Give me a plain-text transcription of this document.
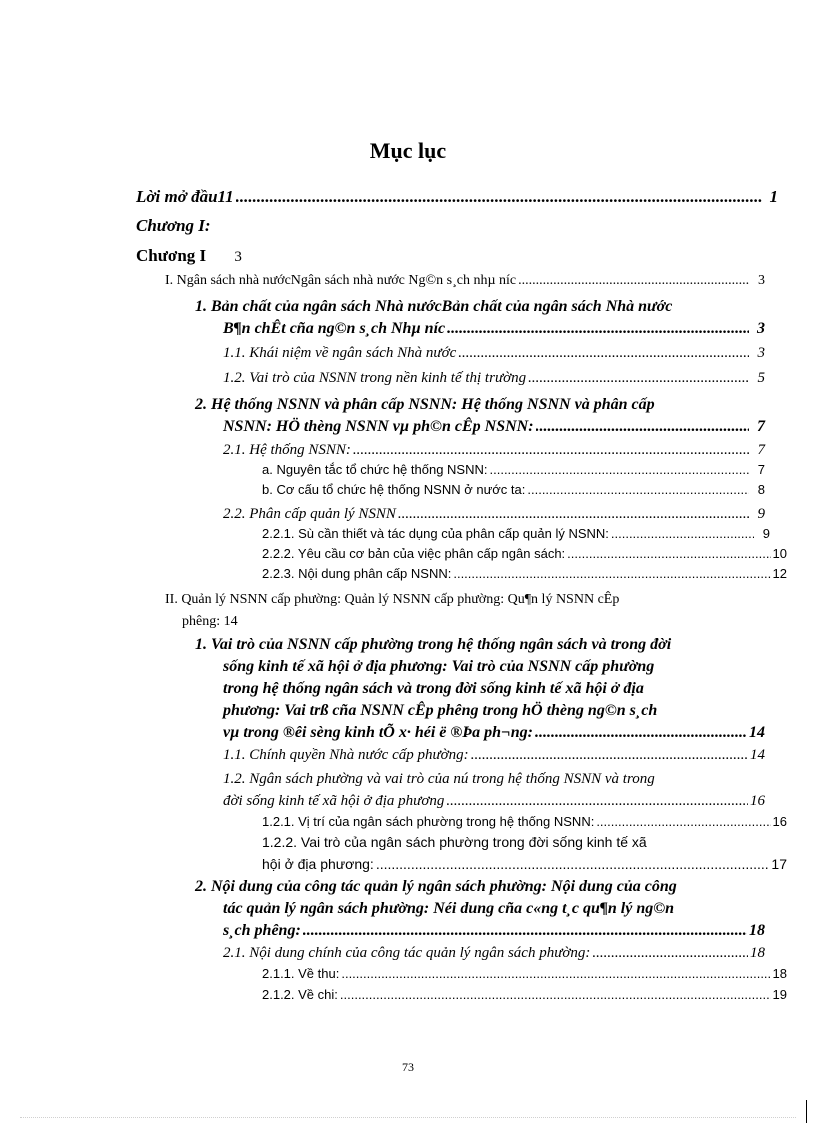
Mục lục
Lời mở đầu11 .....	1
Chương I:
Chương I 3
I. Ngân sách nhà nướcNgân sách nhà nước Ng©n s¸ch nhµ níc .....	3
1. Bản chất của ngân sách Nhà nướcBản chất của ngân sách Nhà nước
B¶n chÊt cña ng©n s¸ch Nhµ níc .....	3
1.1. Khái niệm về ngân sách Nhà nước .....	3
1.2. Vai trò của NSNN trong nền kinh tế thị trường .....	5
2. Hệ thống NSNN và phân cấp NSNN: Hệ thống NSNN và phân cấp
NSNN: HÖ thèng NSNN vµ ph©n cÊp NSNN: .....	7
2.1. Hệ thống NSNN: .....	7
a. Nguyên tắc tổ chức hệ thống NSNN: .....	7
b. Cơ cấu tổ chức hệ thống NSNN ở nước ta: .....	8
2.2. Phân cấp quản lý NSNN .....	9
2.2.1. Sù cần thiết và tác dụng của phân cấp quản lý NSNN: .....	9
2.2.2. Yêu cầu cơ bản của việc phân cấp ngân sách: .....	10
2.2.3. Nội dung phân cấp NSNN: .....	12
II. Quản lý NSNN cấp phường: Quản lý NSNN cấp phường: Qu¶n lý NSNN cÊp
phêng: 14
1. Vai trò của NSNN cấp phường trong hệ thống ngân sách và trong đời
sống kinh tế xã hội ở địa phương: Vai trò của NSNN cấp phường
trong hệ thống ngân sách và trong đời sống kinh tế xã hội ở địa
phương: Vai trß cña NSNN cÊp phêng trong hÖ thèng ng©n s¸ch
vµ trong ®êi sèng kinh tÕ x· héi ë ®Þa ph¬ng: .....	14
1.1. Chính quyền Nhà nước cấp phường: .....	14
1.2. Ngân sách phường và vai trò của nú trong hệ thống NSNN và trong
đời sống kinh tế xã hội ở địa phương .....	16
1.2.1. Vị trí của ngân sách phường trong hệ thống NSNN: .....	16
1.2.2. Vai trò của ngân sách phường trong đời sống kinh tế xã
hội ở địa phương: .....	17
2. Nội dung của công tác quản lý ngân sách phường: Nội dung của công
tác quản lý ngân sách phường: Néi dung cña c«ng t¸c qu¶n lý ng©n
s¸ch phêng: .....	18
2.1. Nội dung chính của công tác quản lý ngân sách phường: .....	18
2.1.1. Về thu: .....	18
2.1.2. Về chi: .....	19
73
